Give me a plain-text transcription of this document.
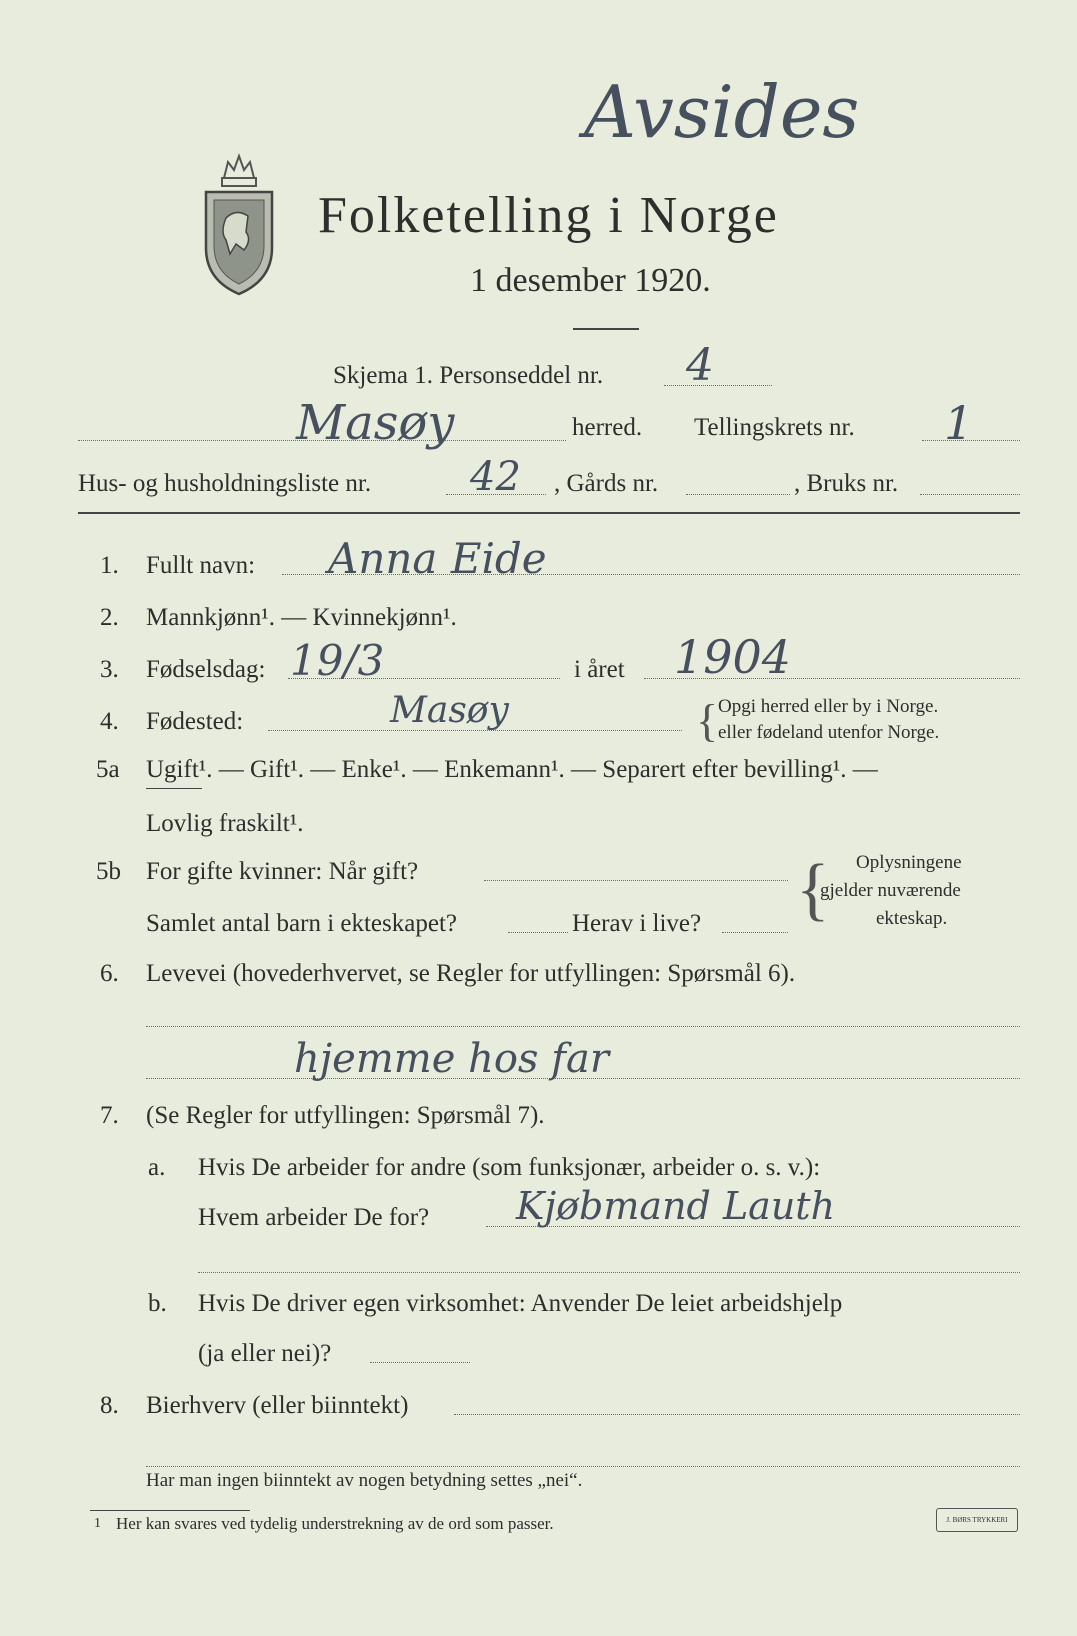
Folketelling i Norge
1 desember 1920.
Avsides
Skjema 1. Personseddel nr. 4
Masøy	herred. Tellingskrets nr. 1
Hus- og husholdningsliste nr. 42 , Gårds nr.	, Bruks nr.
1. Fullt navn: Anna Eide
2. Mannkjønn¹. — Kvinnekjønn¹.
3. Fødselsdag: 19/3	i året 1904
4. Fødested:	Masøy	{ Opgi herred eller by i Norge.
eller fødeland utenfor Norge.
5a Ugift¹. — Gift¹. — Enke¹. — Enkemann¹. — Separert efter bevilling¹. —
Lovlig fraskilt¹.
5b For gifte kvinner: Når gift?
Samlet antal barn i ekteskapet?	Herav i live? { Oplysningene
gjelder nuværende
ekteskap.
6. Levevei (hovederhvervet, se Regler for utfyllingen: Spørsmål 6).
hjemme hos far
7. (Se Regler for utfyllingen: Spørsmål 7).
a. Hvis De arbeider for andre (som funksjonær, arbeider o. s. v.):
Hvem arbeider De for? Kjøbmand Lauth
b. Hvis De driver egen virksomhet: Anvender De leiet arbeidshjelp
(ja eller nei)?
8. Bierhverv (eller biinntekt)
Har man ingen biinntekt av nogen betydning settes „nei“.
1 Her kan svares ved tydelig understrekning av de ord som passer.	J. BØRS TRYKKERI
